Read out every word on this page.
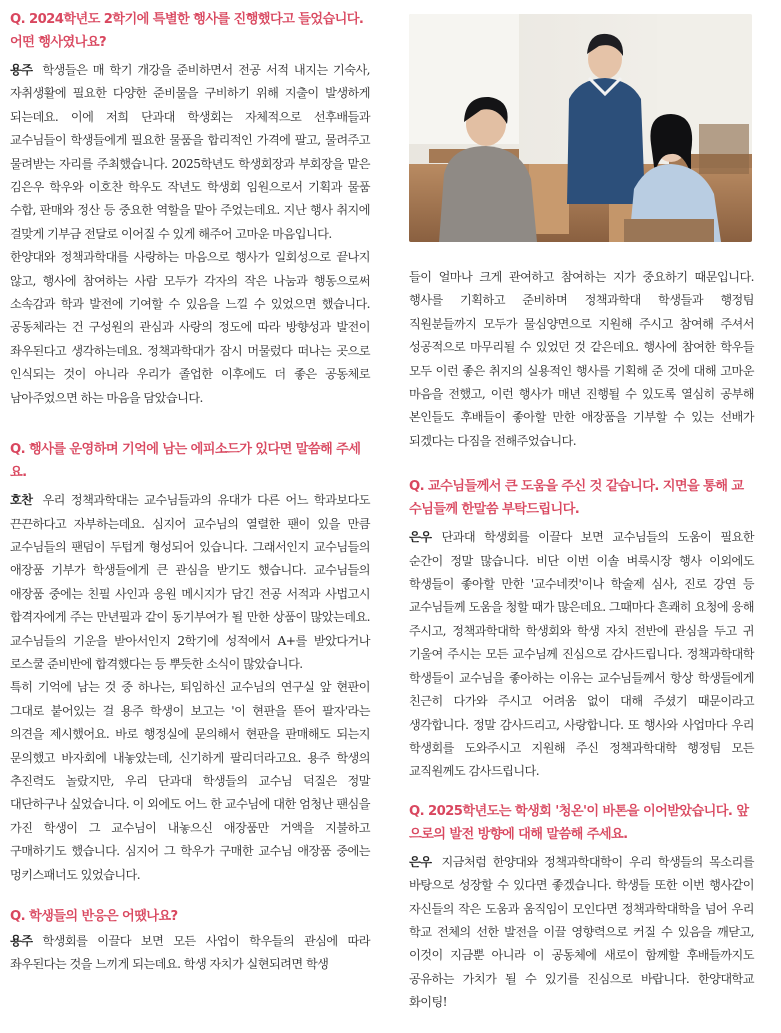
Q. 2024학년도 2학기에 특별한 행사를 진행했다고 들었습니다. 어떤 행사였나요?

용주 학생들은 매 학기 개강을 준비하면서 전공 서적 내지는 기숙사, 자취생활에 필요한 다양한 준비물을 구비하기 위해 지출이 발생하게 되는데요. 이에 저희 단과대 학생회는 자체적으로 선후배들과 교수님들이 학생들에게 필요한 물품을 합리적인 가격에 팔고, 물려주고 물려받는 자리를 주최했습니다. 2025학년도 학생회장과 부회장을 맡은 김은우 학우와 이호찬 학우도 작년도 학생회 임원으로서 기획과 물품 수합, 판매와 정산 등 중요한 역할을 맡아 주었는데요. 지난 행사 취지에 걸맞게 기부금 전달로 이어질 수 있게 해주어 고마운 마음입니다.

한양대와 정책과학대를 사랑하는 마음으로 행사가 일회성으로 끝나지 않고, 행사에 참여하는 사람 모두가 각자의 작은 나눔과 행동으로써 소속감과 학과 발전에 기여할 수 있음을 느낄 수 있었으면 했습니다. 공동체라는 건 구성원의 관심과 사랑의 정도에 따라 방향성과 발전이 좌우된다고 생각하는데요. 정책과학대가 잠시 머물렀다 떠나는 곳으로 인식되는 것이 아니라 우리가 졸업한 이후에도 더 좋은 공동체로 남아주었으면 하는 마음을 담았습니다.

Q. 행사를 운영하며 기억에 남는 에피소드가 있다면 말씀해 주세요.

호찬 우리 정책과학대는 교수님들과의 유대가 다른 어느 학과보다도 끈끈하다고 자부하는데요. 심지어 교수님의 열렬한 팬이 있을 만큼 교수님들의 팬덤이 두텁게 형성되어 있습니다. 그래서인지 교수님들의 애장품 기부가 학생들에게 큰 관심을 받기도 했습니다. 교수님들의 애장품 중에는 친필 사인과 응원 메시지가 담긴 전공 서적과 사법고시 합격자에게 주는 만년필과 같이 동기부여가 될 만한 상품이 많았는데요. 교수님들의 기운을 받아서인지 2학기에 성적에서 A+를 받았다거나 로스쿨 준비반에 합격했다는 등 뿌듯한 소식이 많았습니다.

특히 기억에 남는 것 중 하나는, 퇴임하신 교수님의 연구실 앞 현판이 그대로 붙어있는 걸 용주 학생이 보고는 '이 현판을 뜯어 팔자'라는 의견을 제시했어요. 바로 행정실에 문의해서 현판을 판매해도 되는지 문의했고 바자회에 내놓았는데, 신기하게 팔리더라고요. 용주 학생의 추진력도 놀랐지만, 우리 단과대 학생들의 교수님 덕질은 정말 대단하구나 싶었습니다. 이 외에도 어느 한 교수님에 대한 엄청난 팬심을 가진 학생이 그 교수님이 내놓으신 애장품만 거액을 지불하고 구매하기도 했습니다. 심지어 그 학우가 구매한 교수님 애장품 중에는 멍키스패너도 있었습니다.

Q. 학생들의 반응은 어땠나요?

용주 학생회를 이끌다 보면 모든 사업이 학우들의 관심에 따라 좌우된다는 것을 느끼게 되는데요. 학생 자치가 실현되려면 학생

들이 얼마나 크게 관여하고 참여하는 지가 중요하기 때문입니다. 행사를 기획하고 준비하며 정책과학대 학생들과 행정팀 직원분들까지 모두가 물심양면으로 지원해 주시고 참여해 주셔서 성공적으로 마무리될 수 있었던 것 같은데요. 행사에 참여한 학우들 모두 이런 좋은 취지의 실용적인 행사를 기획해 준 것에 대해 고마운 마음을 전했고, 이런 행사가 매년 진행될 수 있도록 열심히 공부해 본인들도 후배들이 좋아할 만한 애장품을 기부할 수 있는 선배가 되겠다는 다짐을 전해주었습니다.

Q. 교수님들께서 큰 도움을 주신 것 같습니다. 지면을 통해 교수님들께 한말씀 부탁드립니다.

은우 단과대 학생회를 이끌다 보면 교수님들의 도움이 필요한 순간이 정말 많습니다. 비단 이번 이솔 벼룩시장 행사 이외에도 학생들이 좋아할 만한 '교수네컷'이나 학술제 심사, 진로 강연 등 교수님들께 도움을 청할 때가 많은데요. 그때마다 흔쾌히 요청에 응해 주시고, 정책과학대학 학생회와 학생 자치 전반에 관심을 두고 귀 기울여 주시는 모든 교수님께 진심으로 감사드립니다. 정책과학대학 학생들이 교수님을 좋아하는 이유는 교수님들께서 항상 학생들에게 친근히 다가와 주시고 어려움 없이 대해 주셨기 때문이라고 생각합니다. 정말 감사드리고, 사랑합니다. 또 행사와 사업마다 우리 학생회를 도와주시고 지원해 주신 정책과학대학 행정팀 모든 교직원께도 감사드립니다.

Q. 2025학년도는 학생회 '청온'이 바톤을 이어받았습니다. 앞으로의 발전 방향에 대해 말씀해 주세요.

은우 지금처럼 한양대와 정책과학대학이 우리 학생들의 목소리를 바탕으로 성장할 수 있다면 좋겠습니다. 학생들 또한 이번 행사같이 자신들의 작은 도움과 움직임이 모인다면 정책과학대학을 넘어 우리 학교 전체의 선한 발전을 이끌 영향력으로 커질 수 있음을 깨닫고, 이것이 지금뿐 아니라 이 공동체에 새로이 함께할 후배들까지도 공유하는 가치가 될 수 있기를 진심으로 바랍니다. 한양대학교 화이팅!
